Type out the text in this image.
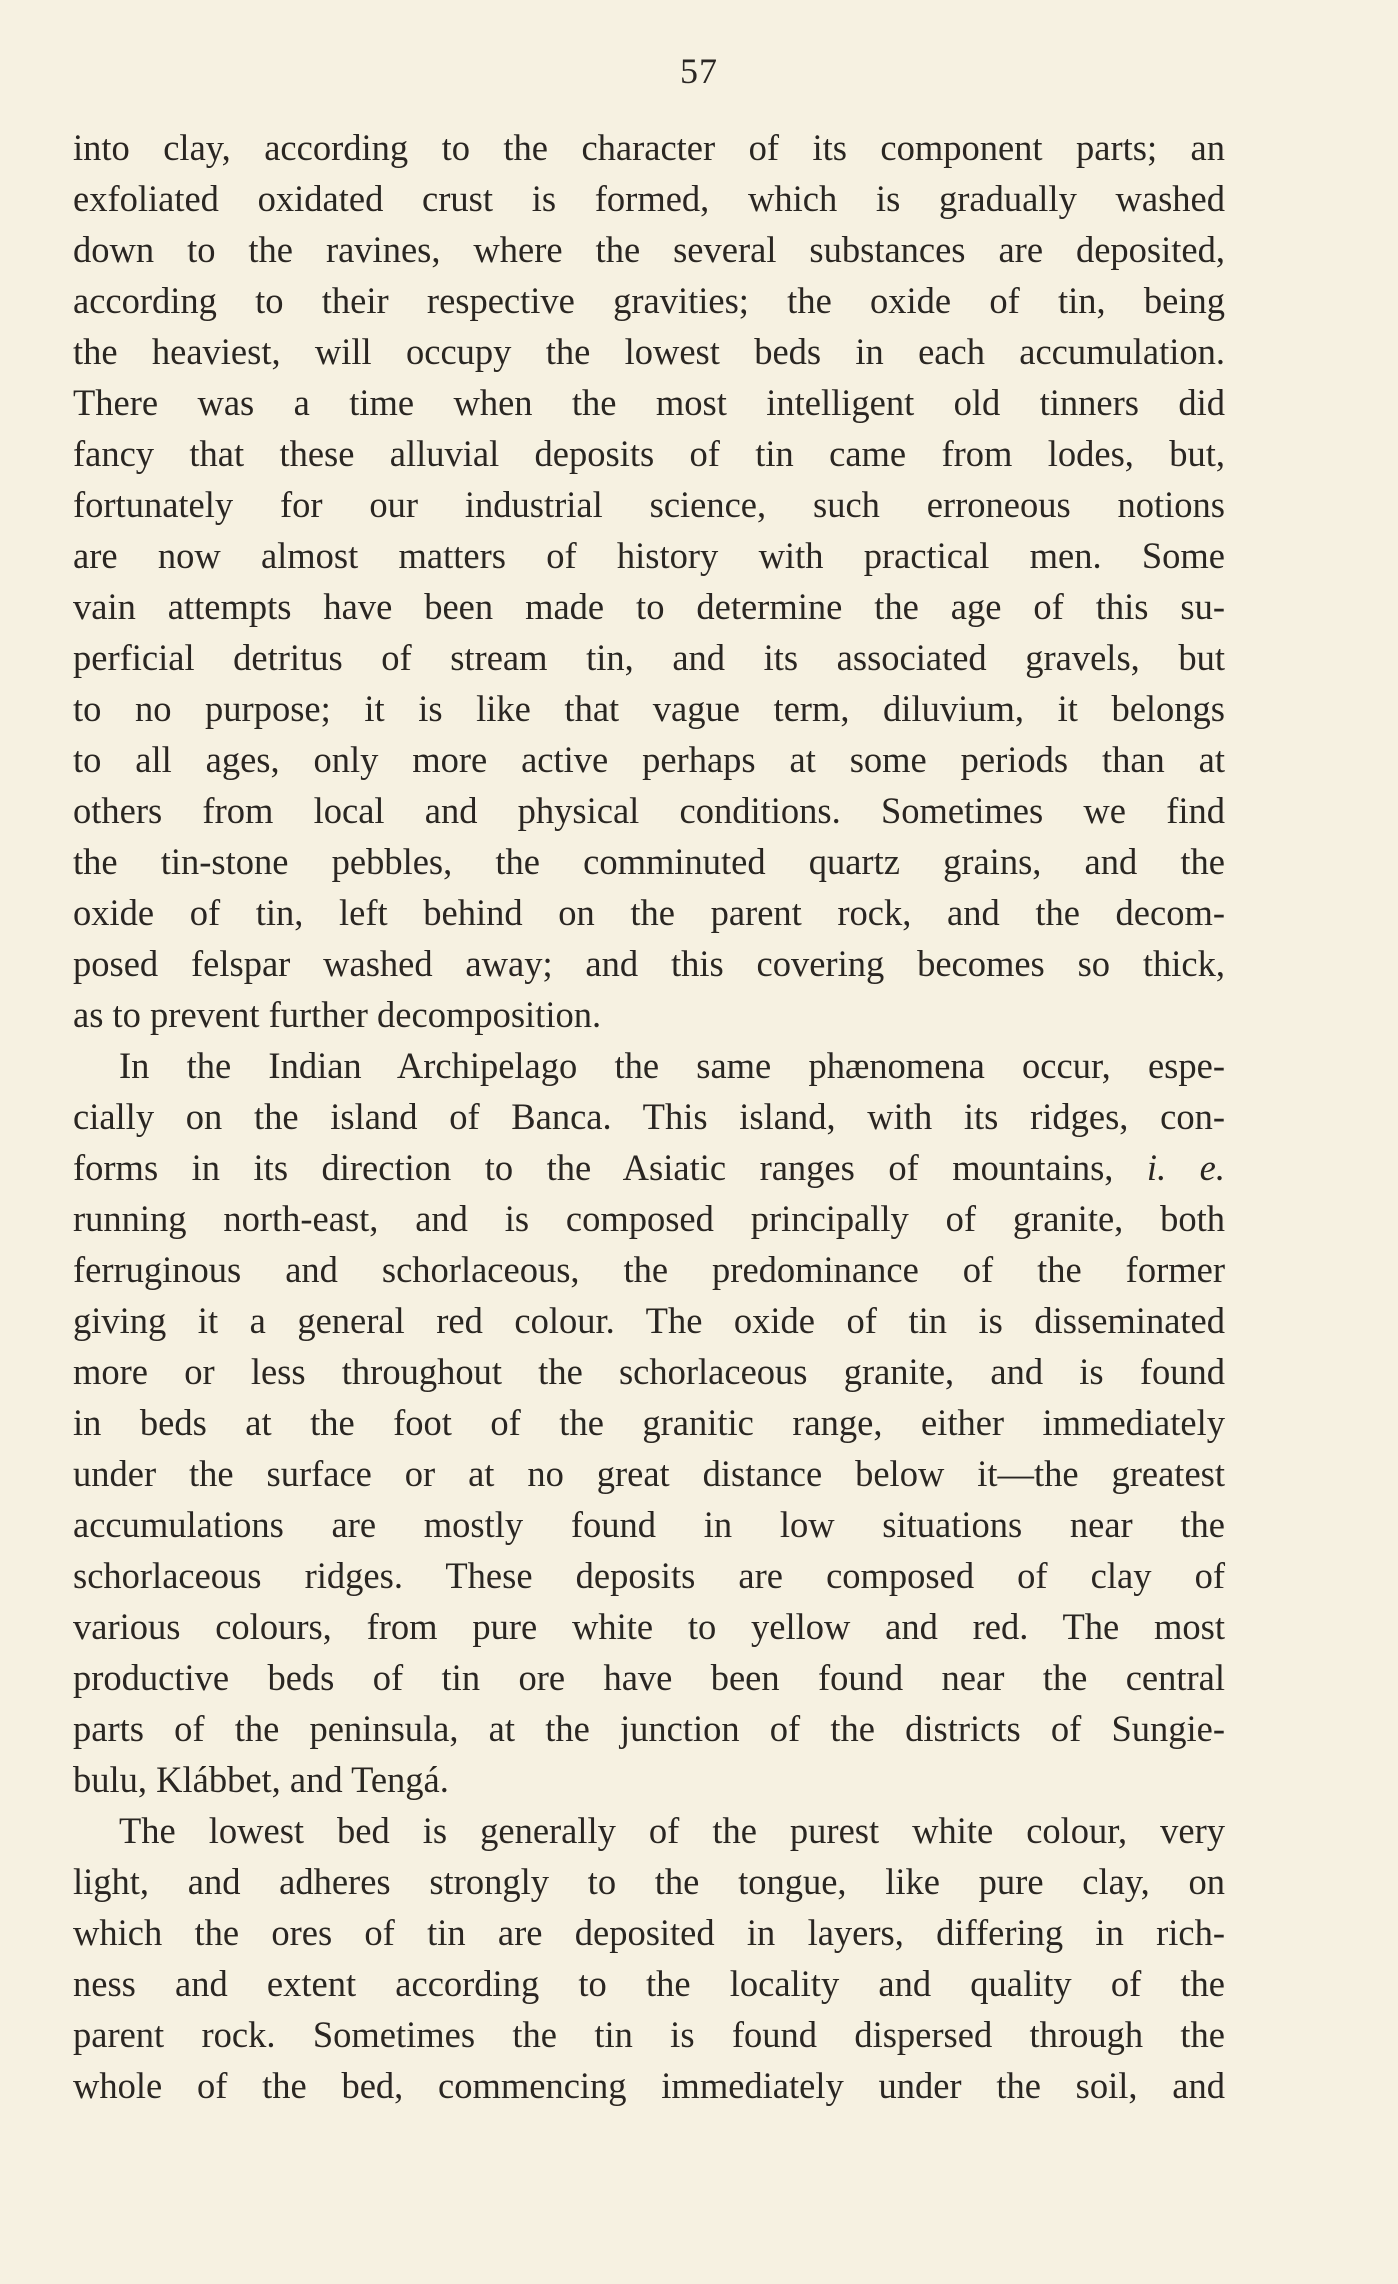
57
into clay, according to the character of its component parts; an
exfoliated oxidated crust is formed, which is gradually washed
down to the ravines, where the several substances are deposited,
according to their respective gravities; the oxide of tin, being
the heaviest, will occupy the lowest beds in each accumulation.
There was a time when the most intelligent old tinners did
fancy that these alluvial deposits of tin came from lodes, but,
fortunately for our industrial science, such erroneous notions
are now almost matters of history with practical men. Some
vain attempts have been made to determine the age of this su-
perficial detritus of stream tin, and its associated gravels, but
to no purpose; it is like that vague term, diluvium, it belongs
to all ages, only more active perhaps at some periods than at
others from local and physical conditions. Sometimes we find
the tin-stone pebbles, the comminuted quartz grains, and the
oxide of tin, left behind on the parent rock, and the decom-
posed felspar washed away; and this covering becomes so thick,
as to prevent further decomposition.
In the Indian Archipelago the same phænomena occur, espe-
cially on the island of Banca. This island, with its ridges, con-
forms in its direction to the Asiatic ranges of mountains, i. e.
running north-east, and is composed principally of granite, both
ferruginous and schorlaceous, the predominance of the former
giving it a general red colour. The oxide of tin is disseminated
more or less throughout the schorlaceous granite, and is found
in beds at the foot of the granitic range, either immediately
under the surface or at no great distance below it—the greatest
accumulations are mostly found in low situations near the
schorlaceous ridges. These deposits are composed of clay of
various colours, from pure white to yellow and red. The most
productive beds of tin ore have been found near the central
parts of the peninsula, at the junction of the districts of Sungie-
bulu, Klábbet, and Tengá.
The lowest bed is generally of the purest white colour, very
light, and adheres strongly to the tongue, like pure clay, on
which the ores of tin are deposited in layers, differing in rich-
ness and extent according to the locality and quality of the
parent rock. Sometimes the tin is found dispersed through the
whole of the bed, commencing immediately under the soil, and
